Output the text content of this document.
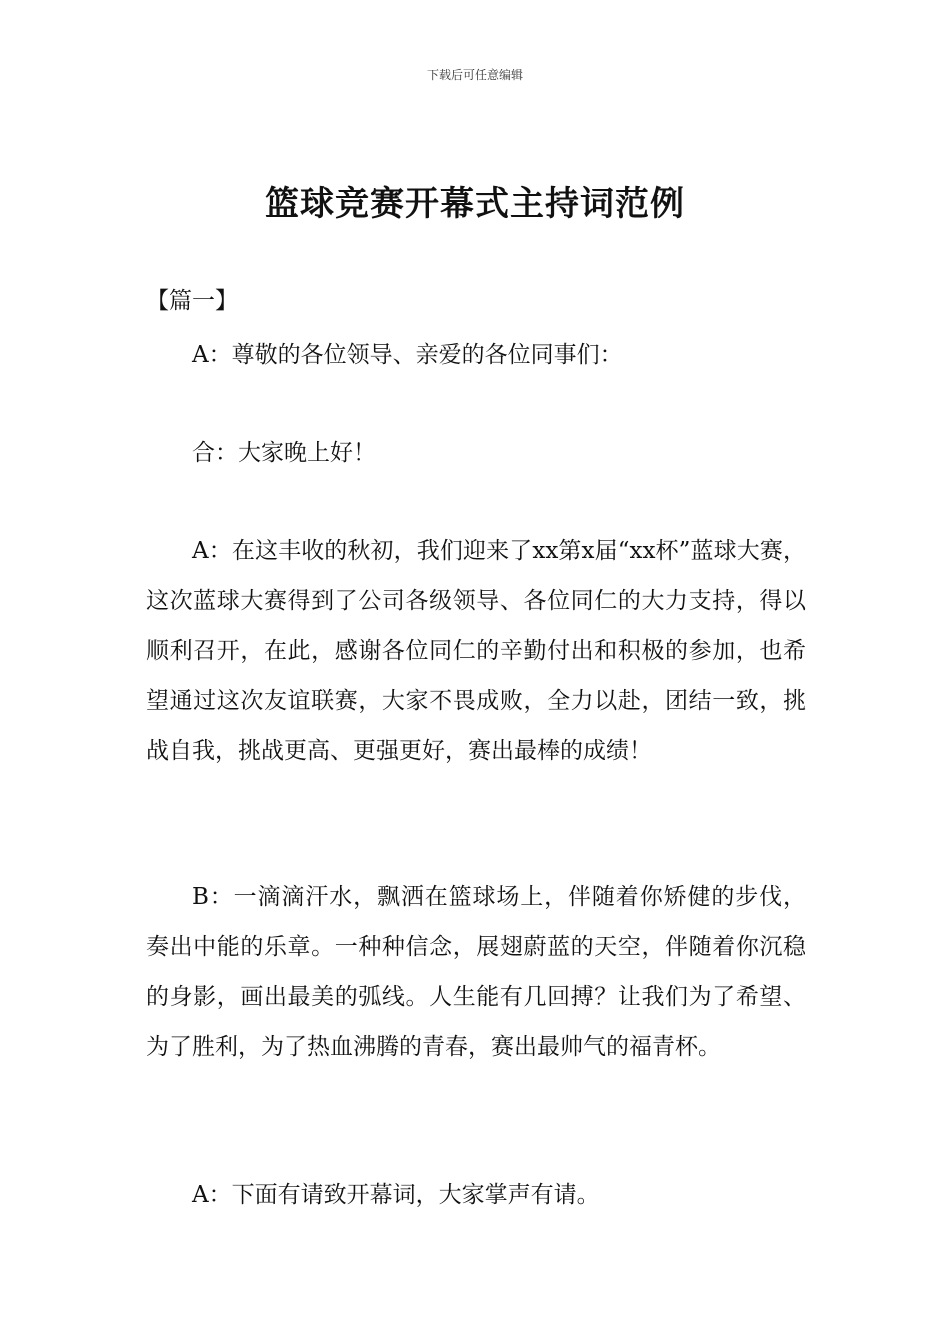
下载后可任意编辑
篮球竞赛开幕式主持词范例
【篇一】

A：尊敬的各位领导、亲爱的各位同事们：

合：大家晚上好！

A：在这丰收的秋初，我们迎来了xx第x届“xx杯”蓝球大赛，这次蓝球大赛得到了公司各级领导、各位同仁的大力支持，得以顺利召开，在此，感谢各位同仁的辛勤付出和积极的参加，也希望通过这次友谊联赛，大家不畏成败，全力以赴，团结一致，挑战自我，挑战更高、更强更好，赛出最棒的成绩！

B：一滴滴汗水，飘洒在篮球场上，伴随着你矫健的步伐，奏出中能的乐章。一种种信念，展翅蔚蓝的天空，伴随着你沉稳的身影，画出最美的弧线。人生能有几回搏？让我们为了希望、为了胜利，为了热血沸腾的青春，赛出最帅气的福青杯。

A：下面有请致开幕词，大家掌声有请。
